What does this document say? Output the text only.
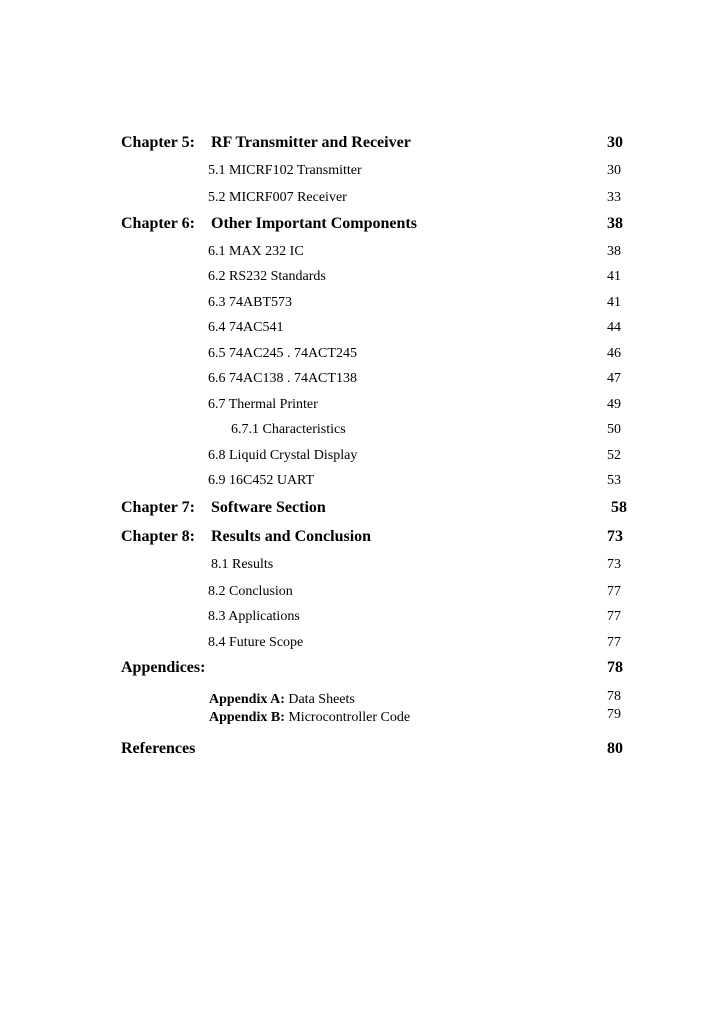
Chapter 5: RF Transmitter and Receiver	30
5.1 MICRF102 Transmitter	30
5.2 MICRF007 Receiver	33
Chapter 6: Other Important Components	38
6.1 MAX 232 IC	38
6.2 RS232 Standards	41
6.3 74ABT573	41
6.4 74AC541	44
6.5 74AC245 . 74ACT245	46
6.6 74AC138 . 74ACT138	47
6.7 Thermal Printer	49
6.7.1 Characteristics	50
6.8 Liquid Crystal Display	52
6.9 16C452 UART	53
Chapter 7: Software Section	58
Chapter 8: Results and Conclusion	73
8.1 Results	73
8.2 Conclusion	77
8.3 Applications	77
8.4 Future Scope	77
Appendices:	78
Appendix A: Data Sheets	78
Appendix B: Microcontroller Code	79
References	80
